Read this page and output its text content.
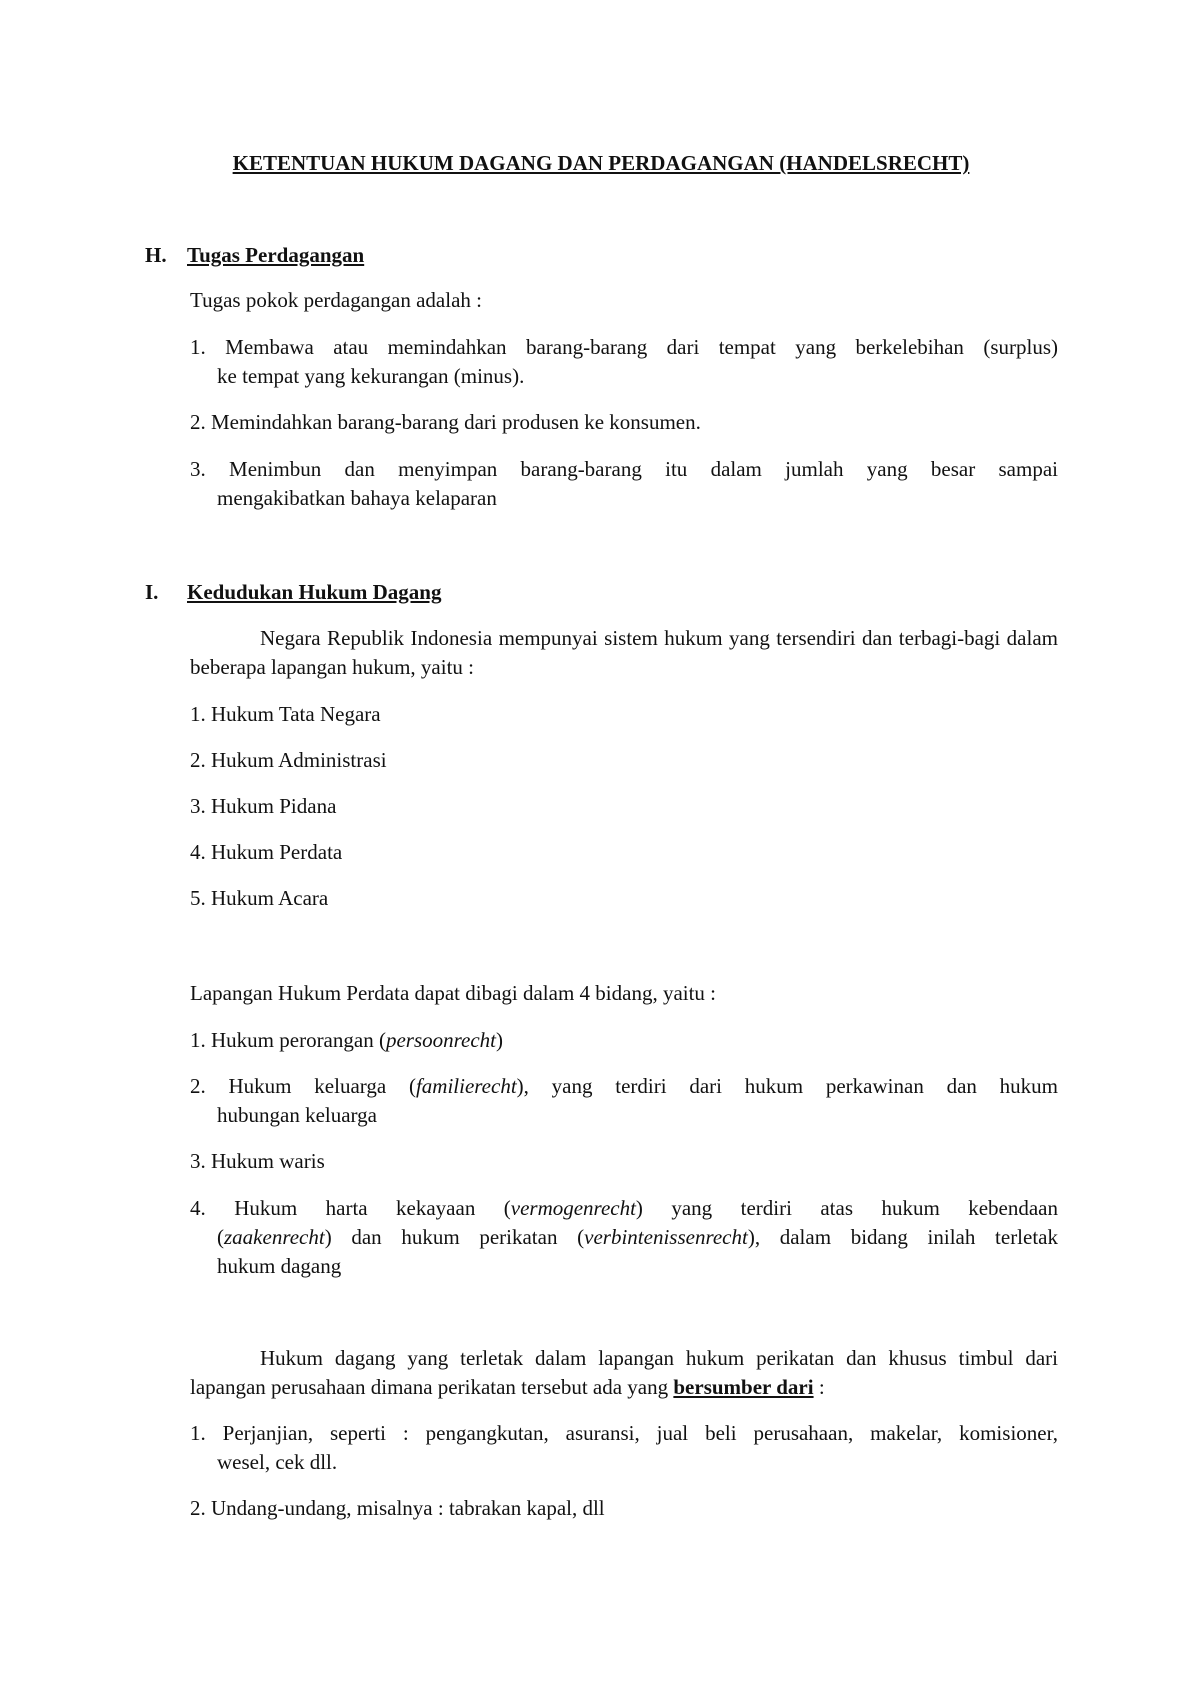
KETENTUAN HUKUM DAGANG DAN PERDAGANGAN (HANDELSRECHT)

H. Tugas Perdagangan

Tugas pokok perdagangan adalah :

1. Membawa atau memindahkan barang-barang dari tempat yang berkelebihan (surplus)
ke tempat yang kekurangan (minus).

2. Memindahkan barang-barang dari produsen ke konsumen.

3. Menimbun dan menyimpan barang-barang itu dalam jumlah yang besar sampai
mengakibatkan bahaya kelaparan

I. Kedudukan Hukum Dagang

Negara Republik Indonesia mempunyai sistem hukum yang tersendiri dan terbagi-bagi dalam beberapa lapangan hukum, yaitu :

1. Hukum Tata Negara

2. Hukum Administrasi

3. Hukum Pidana

4. Hukum Perdata

5. Hukum Acara

Lapangan Hukum Perdata dapat dibagi dalam 4 bidang, yaitu :

1. Hukum perorangan (persoonrecht)

2. Hukum keluarga (familierecht), yang terdiri dari hukum perkawinan dan hukum
hubungan keluarga

3. Hukum waris

4. Hukum harta kekayaan (vermogenrecht) yang terdiri atas hukum kebendaan
(zaakenrecht) dan hukum perikatan (verbintenissenrecht), dalam bidang inilah terletak
hukum dagang

Hukum dagang yang terletak dalam lapangan hukum perikatan dan khusus timbul dari lapangan perusahaan dimana perikatan tersebut ada yang bersumber dari :

1. Perjanjian, seperti : pengangkutan, asuransi, jual beli perusahaan, makelar, komisioner,
wesel, cek dll.

2. Undang-undang, misalnya : tabrakan kapal, dll
